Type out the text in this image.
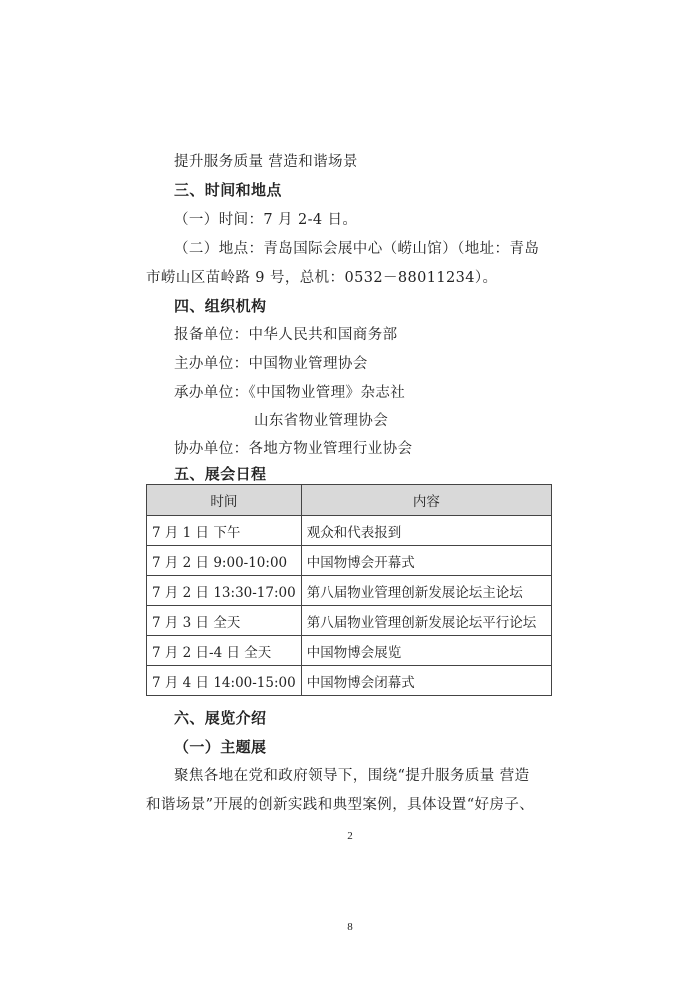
提升服务质量 营造和谐场景
三、时间和地点
（一）时间：7 月 2-4 日。
（二）地点：青岛国际会展中心（崂山馆）（地址：青岛
市崂山区苗岭路 9 号，总机：0532－88011234）。
四、组织机构
报备单位：中华人民共和国商务部
主办单位：中国物业管理协会
承办单位：《中国物业管理》杂志社
山东省物业管理协会
协办单位：各地方物业管理行业协会
五、展会日程
时间	内容
7 月 1 日 下午	观众和代表报到
7 月 2 日 9:00-10:00	中国物博会开幕式
7 月 2 日 13:30-17:00	第八届物业管理创新发展论坛主论坛
7 月 3 日 全天	第八届物业管理创新发展论坛平行论坛
7 月 2 日-4 日 全天	中国物博会展览
7 月 4 日 14:00-15:00	中国物博会闭幕式
六、展览介绍
（一）主题展
聚焦各地在党和政府领导下，围绕“提升服务质量 营造
和谐场景”开展的创新实践和典型案例，具体设置“好房子、
2
8
